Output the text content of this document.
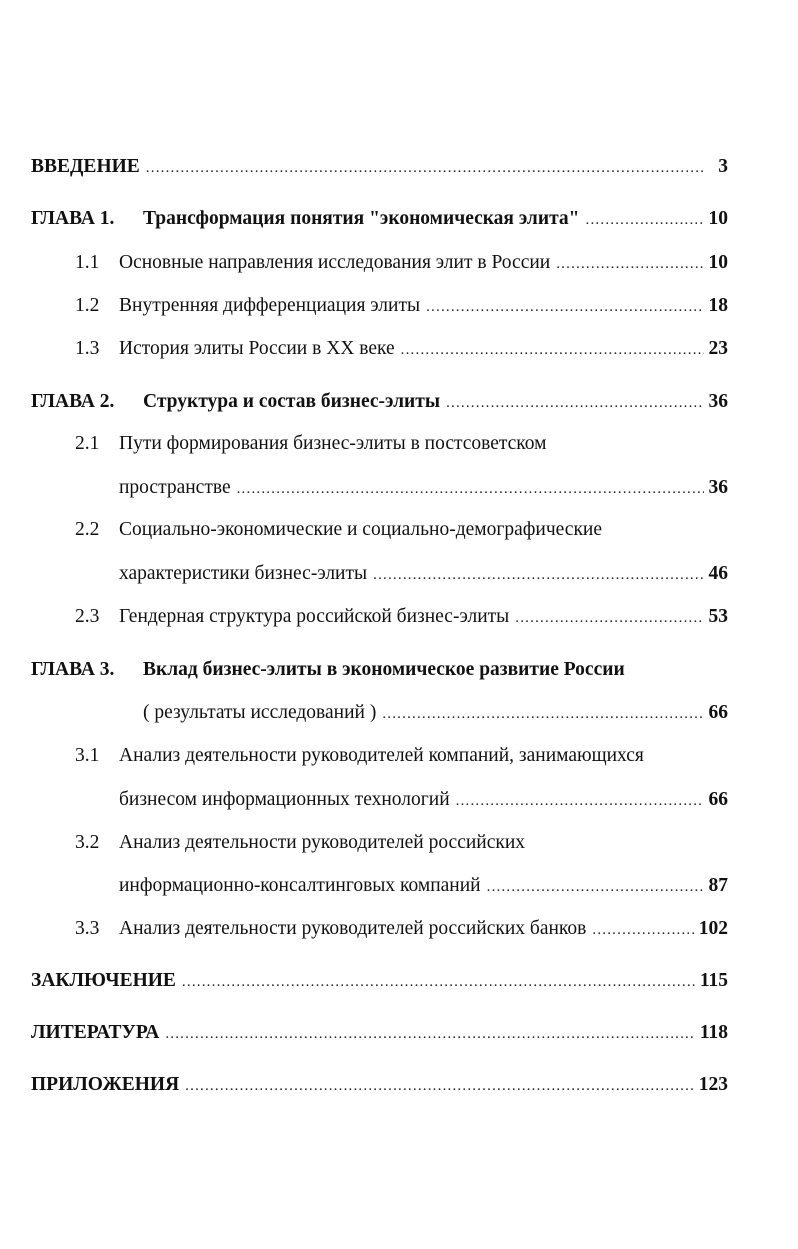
ВВЕДЕНИЕ .....	3
ГЛАВА 1. Трансформация понятия "экономическая элита" .....	10
1.1 Основные направления исследования элит в России .....	10
1.2 Внутренняя дифференциация элиты .....	18
1.3 История элиты России в XX веке .....	23
ГЛАВА 2. Структура и состав бизнес-элиты .....	36
2.1 Пути формирования бизнес-элиты в постсоветском
пространстве .....	36
2.2 Социально-экономические и социально-демографические
характеристики бизнес-элиты .....	46
2.3 Гендерная структура российской бизнес-элиты .....	53
ГЛАВА 3. Вклад бизнес-элиты в экономическое развитие России
( результаты исследований ) .....	66
3.1 Анализ деятельности руководителей компаний, занимающихся
бизнесом информационных технологий .....	66
3.2 Анализ деятельности руководителей российских
информационно-консалтинговых компаний .....	87
3.3 Анализ деятельности руководителей российских банков .....	102
ЗАКЛЮЧЕНИЕ .....	115
ЛИТЕРАТУРА .....	118
ПРИЛОЖЕНИЯ .....	123
